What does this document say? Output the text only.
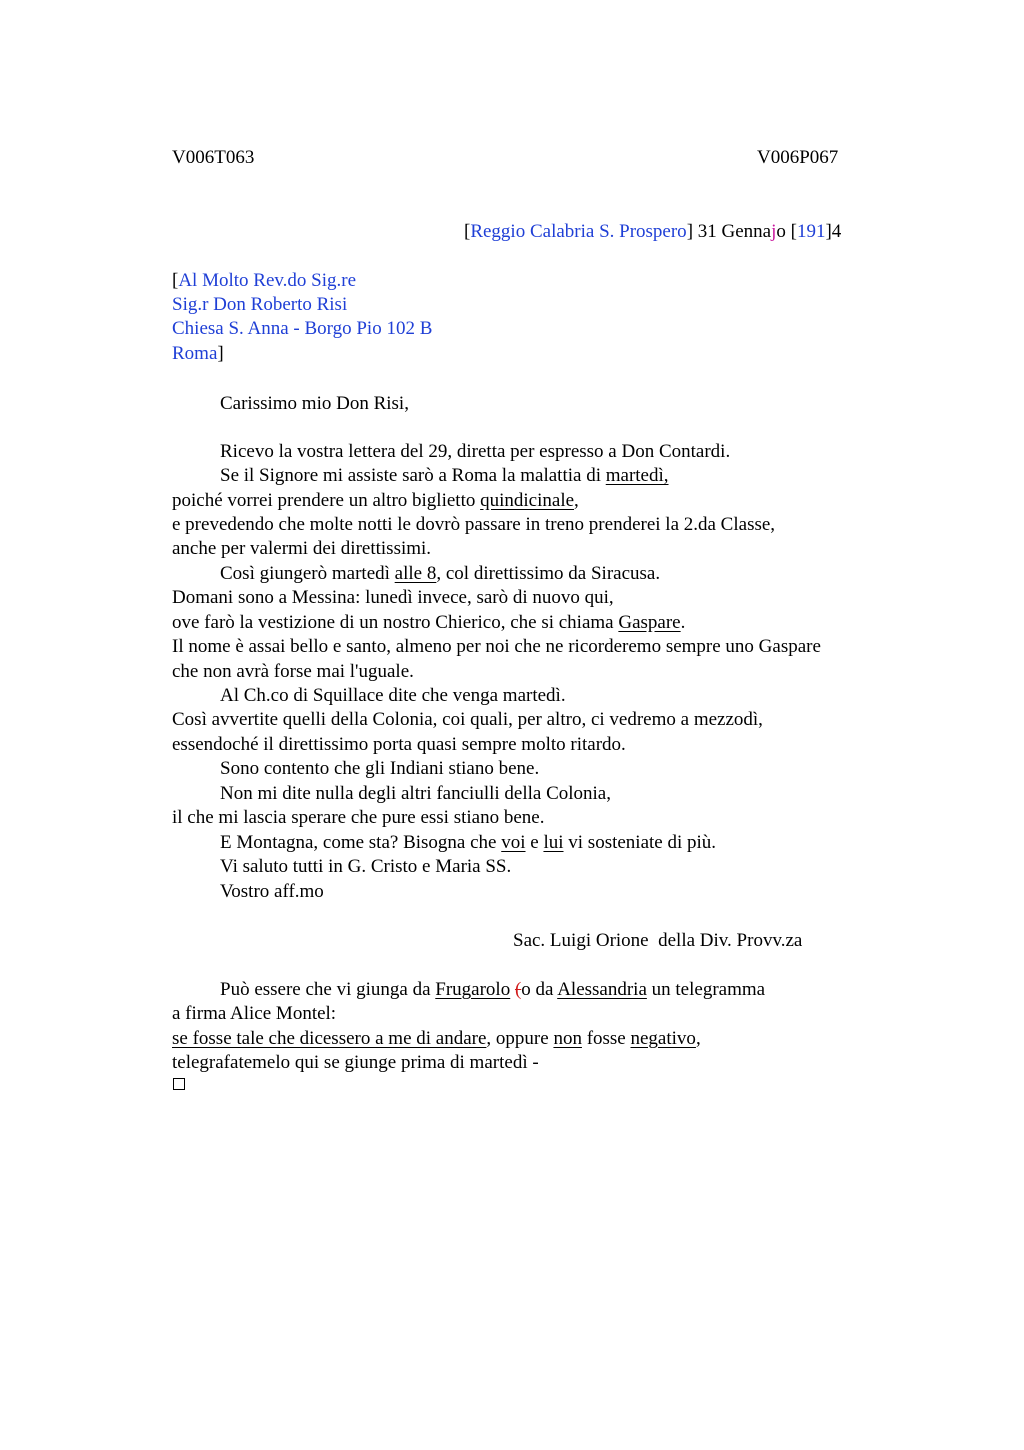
V006T063	V006P067
[Reggio Calabria S. Prospero] 31 Gennajo [191]4
[Al Molto Rev.do Sig.re
Sig.r Don Roberto Risi
Chiesa S. Anna - Borgo Pio 102 B
Roma]
Carissimo mio Don Risi,
Ricevo la vostra lettera del 29, diretta per espresso a Don Contardi.
Se il Signore mi assiste sarò a Roma la malattia di martedì,
poiché vorrei prendere un altro biglietto quindicinale,
e prevedendo che molte notti le dovrò passare in treno prenderei la 2.da Classe,
anche per valermi dei direttissimi.
Così giungerò martedì alle 8, col direttissimo da Siracusa.
Domani sono a Messina: lunedì invece, sarò di nuovo qui,
ove farò la vestizione di un nostro Chierico, che si chiama Gaspare.
Il nome è assai bello e santo, almeno per noi che ne ricorderemo sempre uno Gaspare
che non avrà forse mai l'uguale.
Al Ch.co di Squillace dite che venga martedì.
Così avvertite quelli della Colonia, coi quali, per altro, ci vedremo a mezzodì,
essendoché il direttissimo porta quasi sempre molto ritardo.
Sono contento che gli Indiani stiano bene.
Non mi dite nulla degli altri fanciulli della Colonia,
il che mi lascia sperare che pure essi stiano bene.
E Montagna, come sta? Bisogna che voi e lui vi sosteniate di più.
Vi saluto tutti in G. Cristo e Maria SS.
Vostro aff.mo
Sac. Luigi Orione  della Div. Provv.za
Può essere che vi giunga da Frugarolo (o da Alessandria un telegramma
a firma Alice Montel:
se fosse tale che dicessero a me di andare, oppure non fosse negativo,
telegrafatemelo qui se giunge prima di martedì -
